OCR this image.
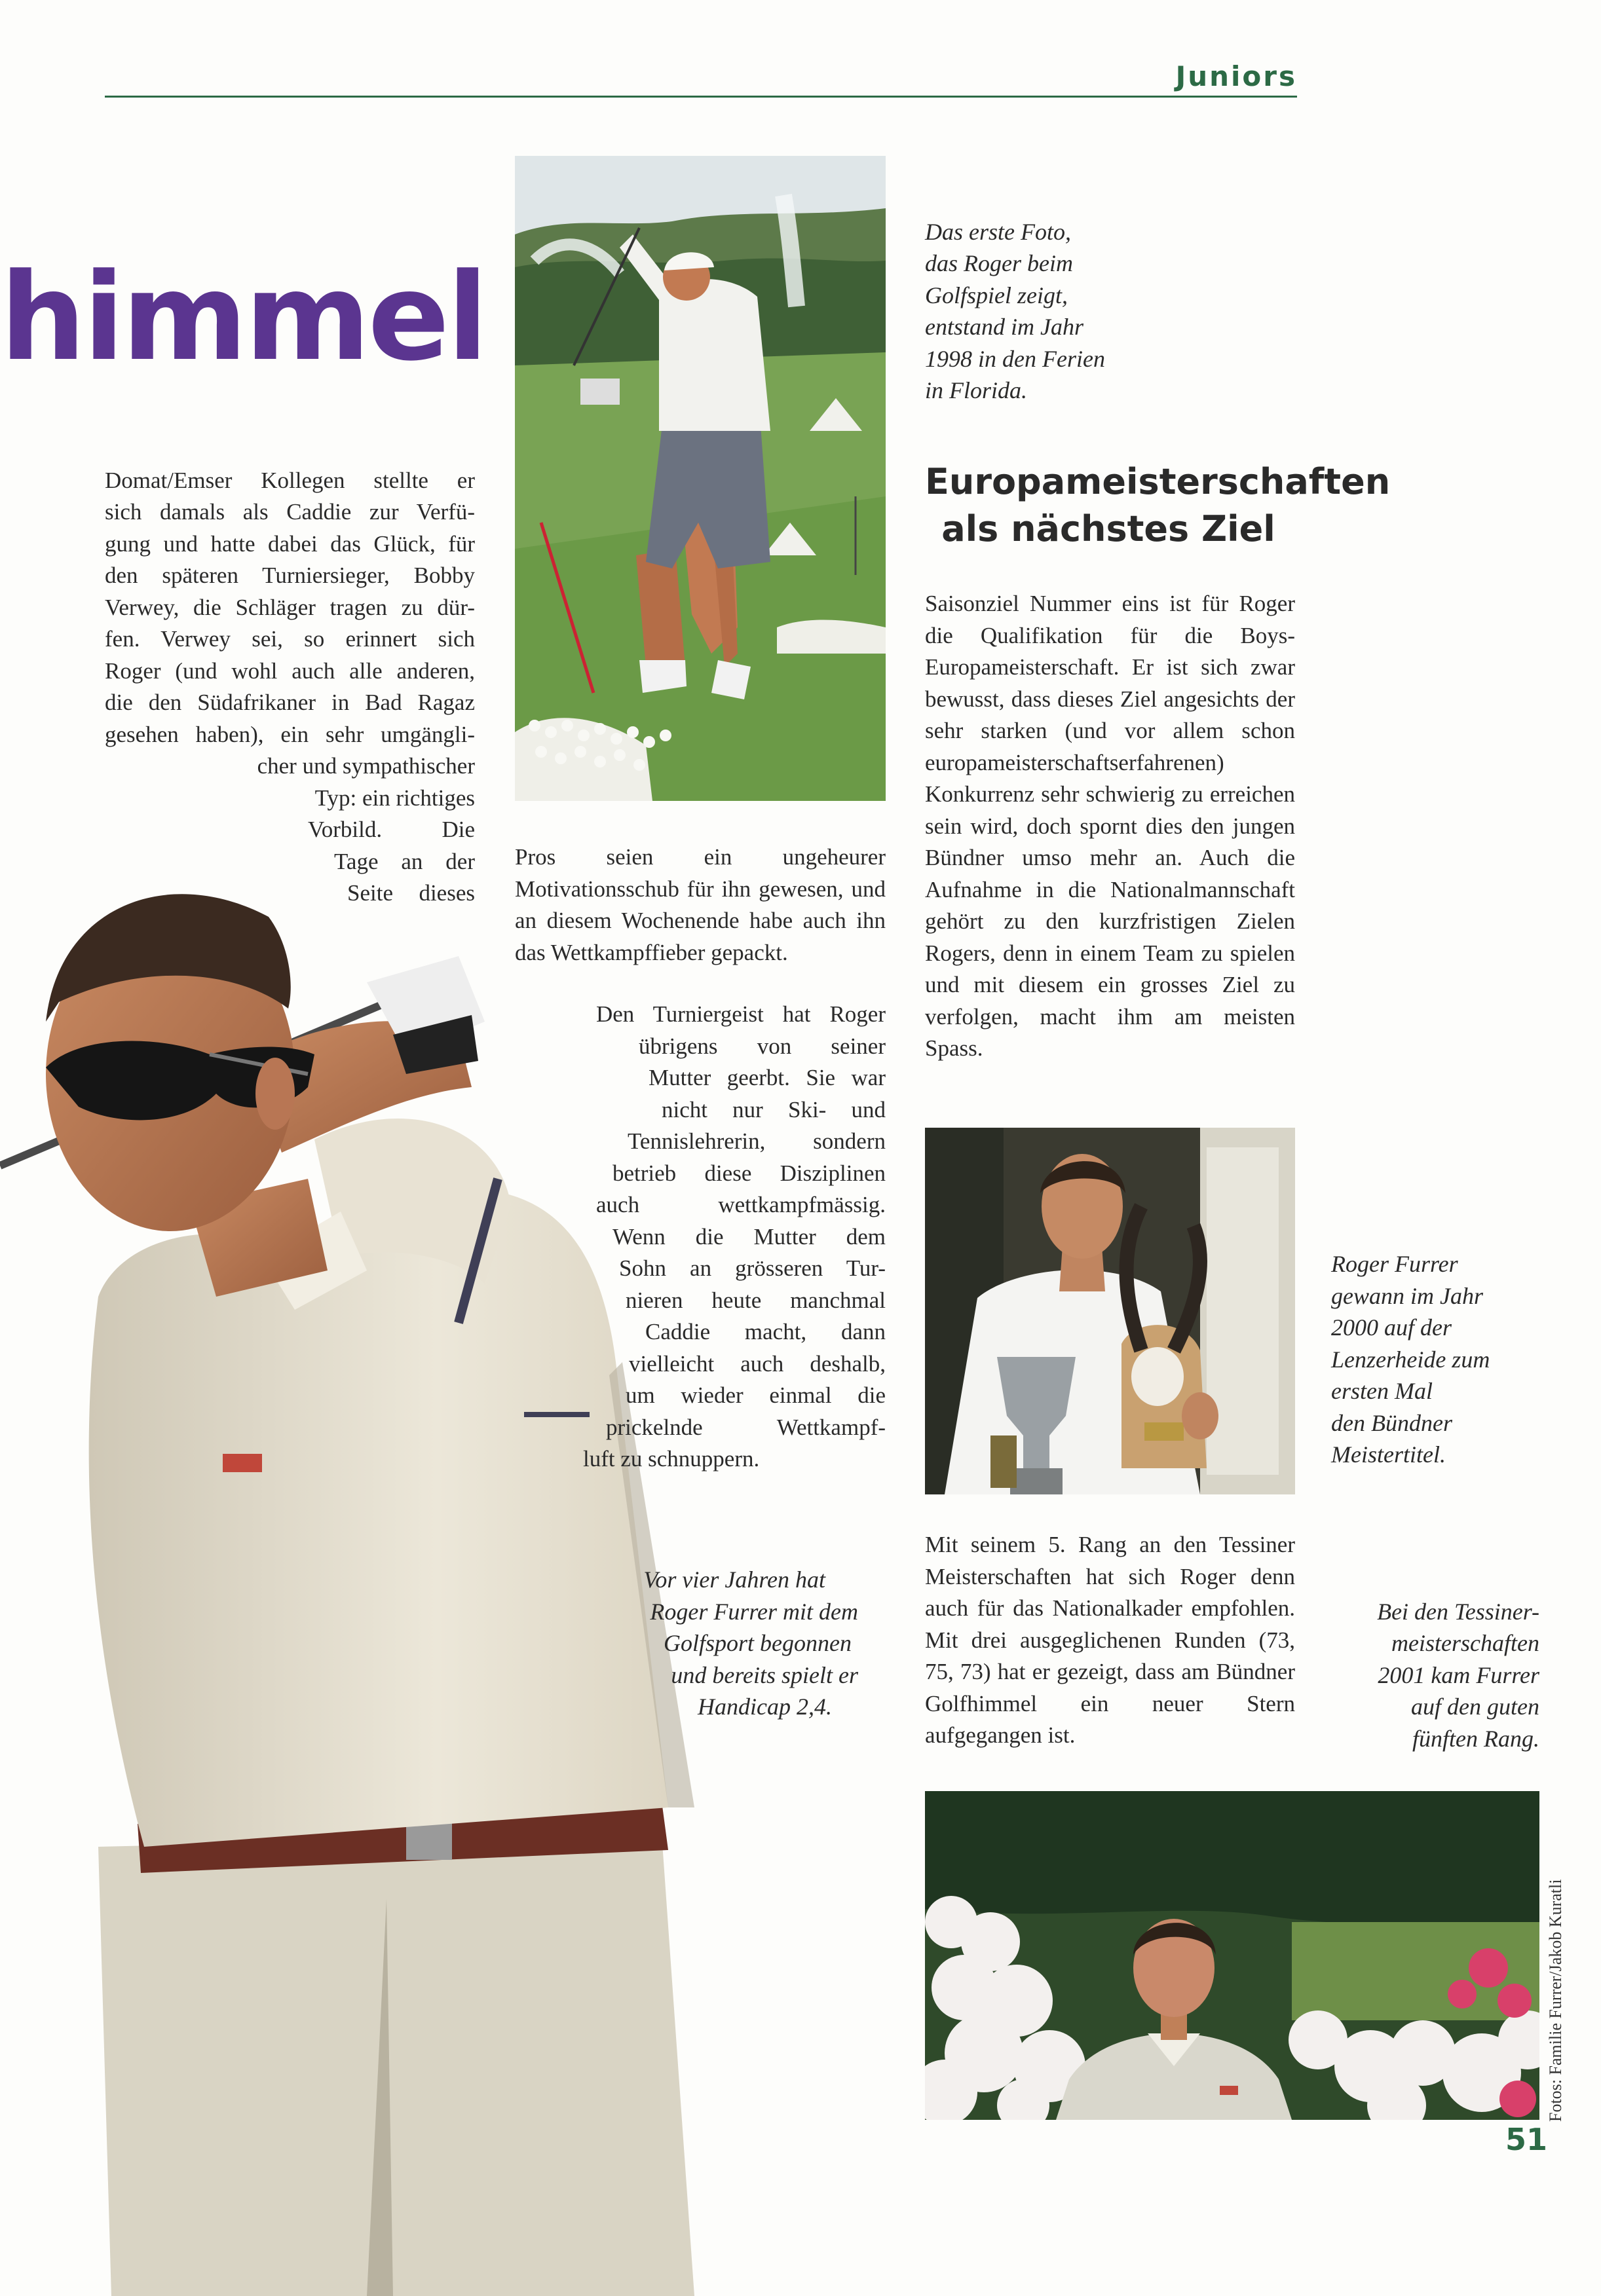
Juniors
himmel

Domat/Emser Kollegen stellte er

sich damals als Caddie zur Verfü-

gung und hatte dabei das Glück, für

den späteren Turniersieger, Bobby

Verwey, die Schläger tragen zu dür-

fen. Verwey sei, so erinnert sich

Roger (und wohl auch alle anderen,

die den Südafrikaner in Bad Ragaz

gesehen haben), ein sehr umgängli-

cher und sympathischer

Typ: ein richtiges

Vorbild. Die

Tage an der

Seite dieses

Das erste Foto,

das Roger beim

Golfspiel zeigt,

entstand im Jahr

1998 in den Ferien

in Florida.

Pros seien ein ungeheurer Motivationsschub für ihn gewesen, und an diesem Wochenende habe auch ihn das Wettkampffieber gepackt.

Den Turniergeist hat Roger

übrigens von seiner

Mutter geerbt. Sie war

nicht nur Ski- und

Tennislehrerin, sondern

betrieb diese Disziplinen

auch wettkampfmässig.

Wenn die Mutter dem

Sohn an grösseren Tur-

nieren heute manchmal

Caddie macht, dann

vielleicht auch deshalb,

um wieder einmal die

prickelnde Wettkampf-

luft zu schnuppern.

Vor vier Jahren hat

Roger Furrer mit dem

Golfsport begonnen

und bereits spielt er

Handicap 2,4.

Europameisterschaften als nächstes Ziel

Saisonziel Nummer eins ist für Roger die Qualifikation für die Boys-Europameisterschaft. Er ist sich zwar bewusst, dass dieses Ziel angesichts der sehr starken (und vor allem schon europameisterschaftserfahrenen) Konkurrenz sehr schwierig zu erreichen sein wird, doch spornt dies den jungen Bündner umso mehr an. Auch die Aufnahme in die Nationalmannschaft gehört zu den kurzfristigen Zielen Rogers, denn in einem Team zu spielen und mit diesem ein grosses Ziel zu verfolgen, macht ihm am meisten Spass.

Roger Furrer

gewann im Jahr

2000 auf der

Lenzerheide zum

ersten Mal

den Bündner

Meistertitel.

Mit seinem 5. Rang an den Tessiner Meisterschaften hat sich Roger denn auch für das Nationalkader empfohlen. Mit drei ausgeglichenen Runden (73, 75, 73) hat er gezeigt, dass am Bündner Golfhimmel ein neuer Stern aufgegangen ist.

Bei den Tessiner-

meisterschaften

2001 kam Furrer

auf den guten

fünften Rang.

Fotos: Familie Furrer/Jakob Kuratli

51
